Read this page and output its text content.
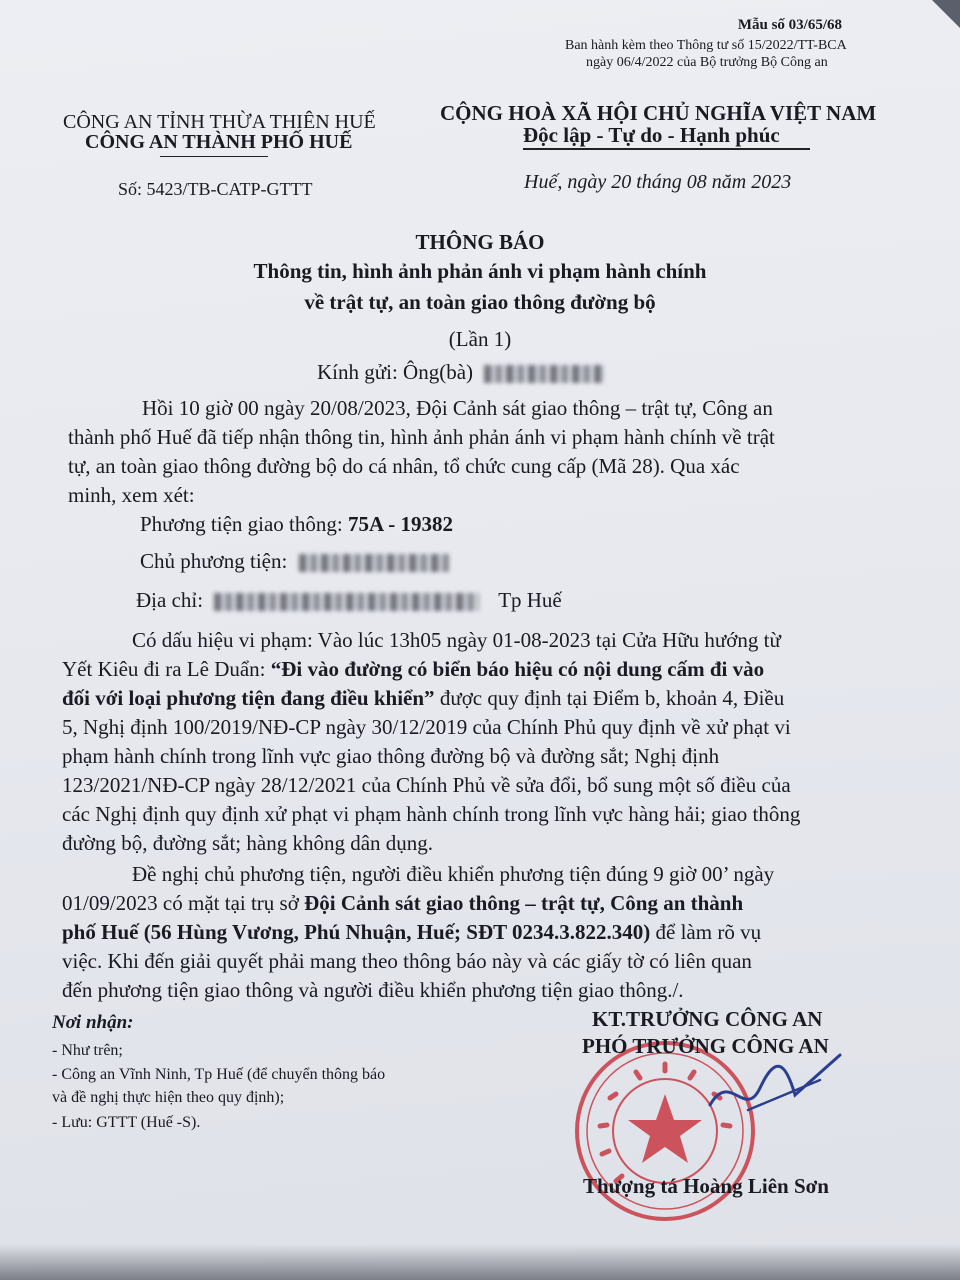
Mẫu số 03/65/68
Ban hành kèm theo Thông tư số 15/2022/TT-BCA
ngày 06/4/2022 của Bộ trưởng Bộ Công an
CÔNG AN TỈNH THỪA THIÊN HUẾ
CÔNG AN THÀNH PHỐ HUẾ
CỘNG HOÀ XÃ HỘI CHỦ NGHĨA VIỆT NAM
Độc lập - Tự do - Hạnh phúc
Số: 5423/TB-CATP-GTTT	Huế, ngày 20 tháng 08 năm 2023
THÔNG BÁO
Thông tin, hình ảnh phản ánh vi phạm hành chính
về trật tự, an toàn giao thông đường bộ
(Lần 1)
Kính gửi: Ông(bà)
Hồi 10 giờ 00 ngày 20/08/2023, Đội Cảnh sát giao thông – trật tự, Công an
thành phố Huế đã tiếp nhận thông tin, hình ảnh phản ánh vi phạm hành chính về trật
tự, an toàn giao thông đường bộ do cá nhân, tổ chức cung cấp (Mã 28). Qua xác
minh, xem xét:
Phương tiện giao thông: 75A - 19382
Chủ phương tiện:
Địa chỉ:	Tp Huế
Có dấu hiệu vi phạm: Vào lúc 13h05 ngày 01-08-2023 tại Cửa Hữu hướng từ
Yết Kiêu đi ra Lê Duẩn: “Đi vào đường có biển báo hiệu có nội dung cấm đi vào
đối với loại phương tiện đang điều khiển” được quy định tại Điểm b, khoản 4, Điều
5, Nghị định 100/2019/NĐ-CP ngày 30/12/2019 của Chính Phủ quy định về xử phạt vi
phạm hành chính trong lĩnh vực giao thông đường bộ và đường sắt; Nghị định
123/2021/NĐ-CP ngày 28/12/2021 của Chính Phủ về sửa đổi, bổ sung một số điều của
các Nghị định quy định xử phạt vi phạm hành chính trong lĩnh vực hàng hải; giao thông
đường bộ, đường sắt; hàng không dân dụng.
Đề nghị chủ phương tiện, người điều khiển phương tiện đúng 9 giờ 00’ ngày
01/09/2023 có mặt tại trụ sở Đội Cảnh sát giao thông – trật tự, Công an thành
phố Huế (56 Hùng Vương, Phú Nhuận, Huế; SĐT 0234.3.822.340) để làm rõ vụ
việc. Khi đến giải quyết phải mang theo thông báo này và các giấy tờ có liên quan
đến phương tiện giao thông và người điều khiển phương tiện giao thông./.
Nơi nhận:
- Như trên;
- Công an Vĩnh Ninh, Tp Huế (để chuyển thông báo
và đề nghị thực hiện theo quy định);
- Lưu: GTTT (Huế -S).
KT.TRƯỞNG CÔNG AN
PHÓ TRƯỞNG CÔNG AN
Thượng tá Hoàng Liên Sơn
